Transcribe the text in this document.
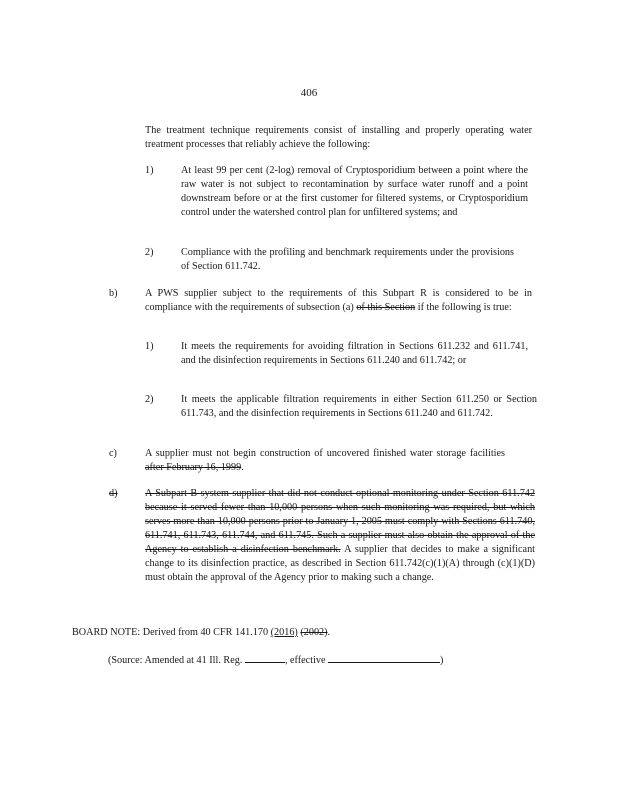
406
The treatment technique requirements consist of installing and properly operating water treatment processes that reliably achieve the following:
1)	At least 99 per cent (2-log) removal of Cryptosporidium between a point where the raw water is not subject to recontamination by surface water runoff and a point downstream before or at the first customer for filtered systems, or Cryptosporidium control under the watershed control plan for unfiltered systems; and
2)	Compliance with the profiling and benchmark requirements under the provisions of Section 611.742.
b)	A PWS supplier subject to the requirements of this Subpart R is considered to be in compliance with the requirements of subsection (a) of this Section if the following is true:
1)	It meets the requirements for avoiding filtration in Sections 611.232 and 611.741, and the disinfection requirements in Sections 611.240 and 611.742; or
2)	It meets the applicable filtration requirements in either Section 611.250 or Section 611.743, and the disinfection requirements in Sections 611.240 and 611.742.
c)	A supplier must not begin construction of uncovered finished water storage facilities after February 16, 1999.
d)	A Subpart B system supplier that did not conduct optional monitoring under Section 611.742 because it served fewer than 10,000 persons when such monitoring was required, but which serves more than 10,000 persons prior to January 1, 2005 must comply with Sections 611.740, 611.741, 611.743, 611.744, and 611.745. Such a supplier must also obtain the approval of the Agency to establish a disinfection benchmark. A supplier that decides to make a significant change to its disinfection practice, as described in Section 611.742(c)(1)(A) through (c)(1)(D) must obtain the approval of the Agency prior to making such a change.
BOARD NOTE: Derived from 40 CFR 141.170 (2016) (2002).
(Source: Amended at 41 Ill. Reg.	, effective	)
